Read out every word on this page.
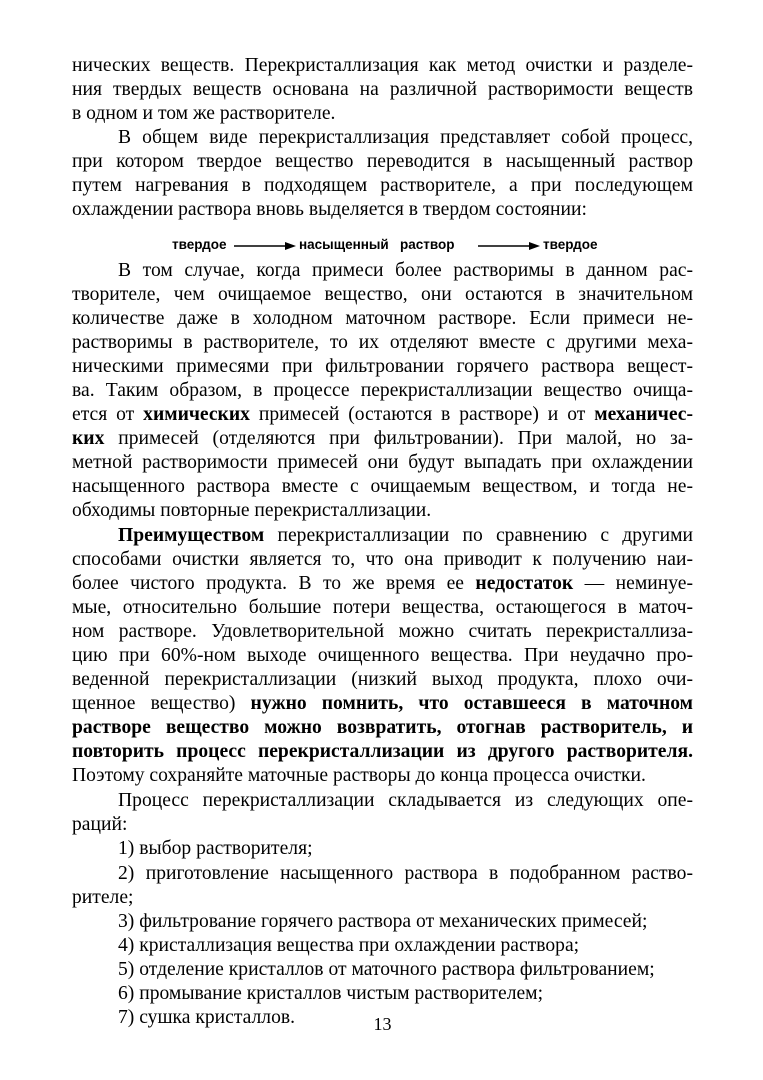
нических веществ. Перекристаллизация как метод очистки и разделе-
ния твердых веществ основана на различной растворимости веществ
в одном и том же растворителе.
В общем виде перекристаллизация представляет собой процесс,
при котором твердое вещество переводится в насыщенный раствор
путем нагревания в подходящем растворителе, а при последующем
охлаждении раствора вновь выделяется в твердом состоянии:
твердое	насыщенный   раствор	твердое
В том случае, когда примеси более растворимы в данном рас-
творителе, чем очищаемое вещество, они остаются в значительном
количестве даже в холодном маточном растворе. Если примеси не-
растворимы в растворителе, то их отделяют вместе с другими меха-
ническими примесями при фильтровании горячего раствора вещест-
ва. Таким образом, в процессе перекристаллизации вещество очища-
ется от химических примесей (остаются в растворе) и от механичес-
ких примесей (отделяются при фильтровании). При малой, но за-
метной растворимости примесей они будут выпадать при охлаждении
насыщенного раствора вместе с очищаемым веществом, и тогда не-
обходимы повторные перекристаллизации.
Преимуществом перекристаллизации по сравнению с другими
способами очистки является то, что она приводит к получению наи-
более чистого продукта. В то же время ее недостаток — неминуе-
мые, относительно большие потери вещества, остающегося в маточ-
ном растворе. Удовлетворительной можно считать перекристаллиза-
цию при 60%-ном выходе очищенного вещества. При неудачно про-
веденной перекристаллизации (низкий выход продукта, плохо очи-
щенное вещество) нужно помнить, что оставшееся в маточном
растворе вещество можно возвратить, отогнав растворитель, и
повторить процесс перекристаллизации из другого растворителя.
Поэтому сохраняйте маточные растворы до конца процесса очистки.
Процесс перекристаллизации складывается из следующих опе-
раций:
1) выбор растворителя;
2) приготовление насыщенного раствора в подобранном раство-
рителе;
3) фильтрование горячего раствора от механических примесей;
4) кристаллизация вещества при охлаждении раствора;
5) отделение кристаллов от маточного раствора фильтрованием;
6) промывание кристаллов чистым растворителем;
7) сушка кристаллов.	13
